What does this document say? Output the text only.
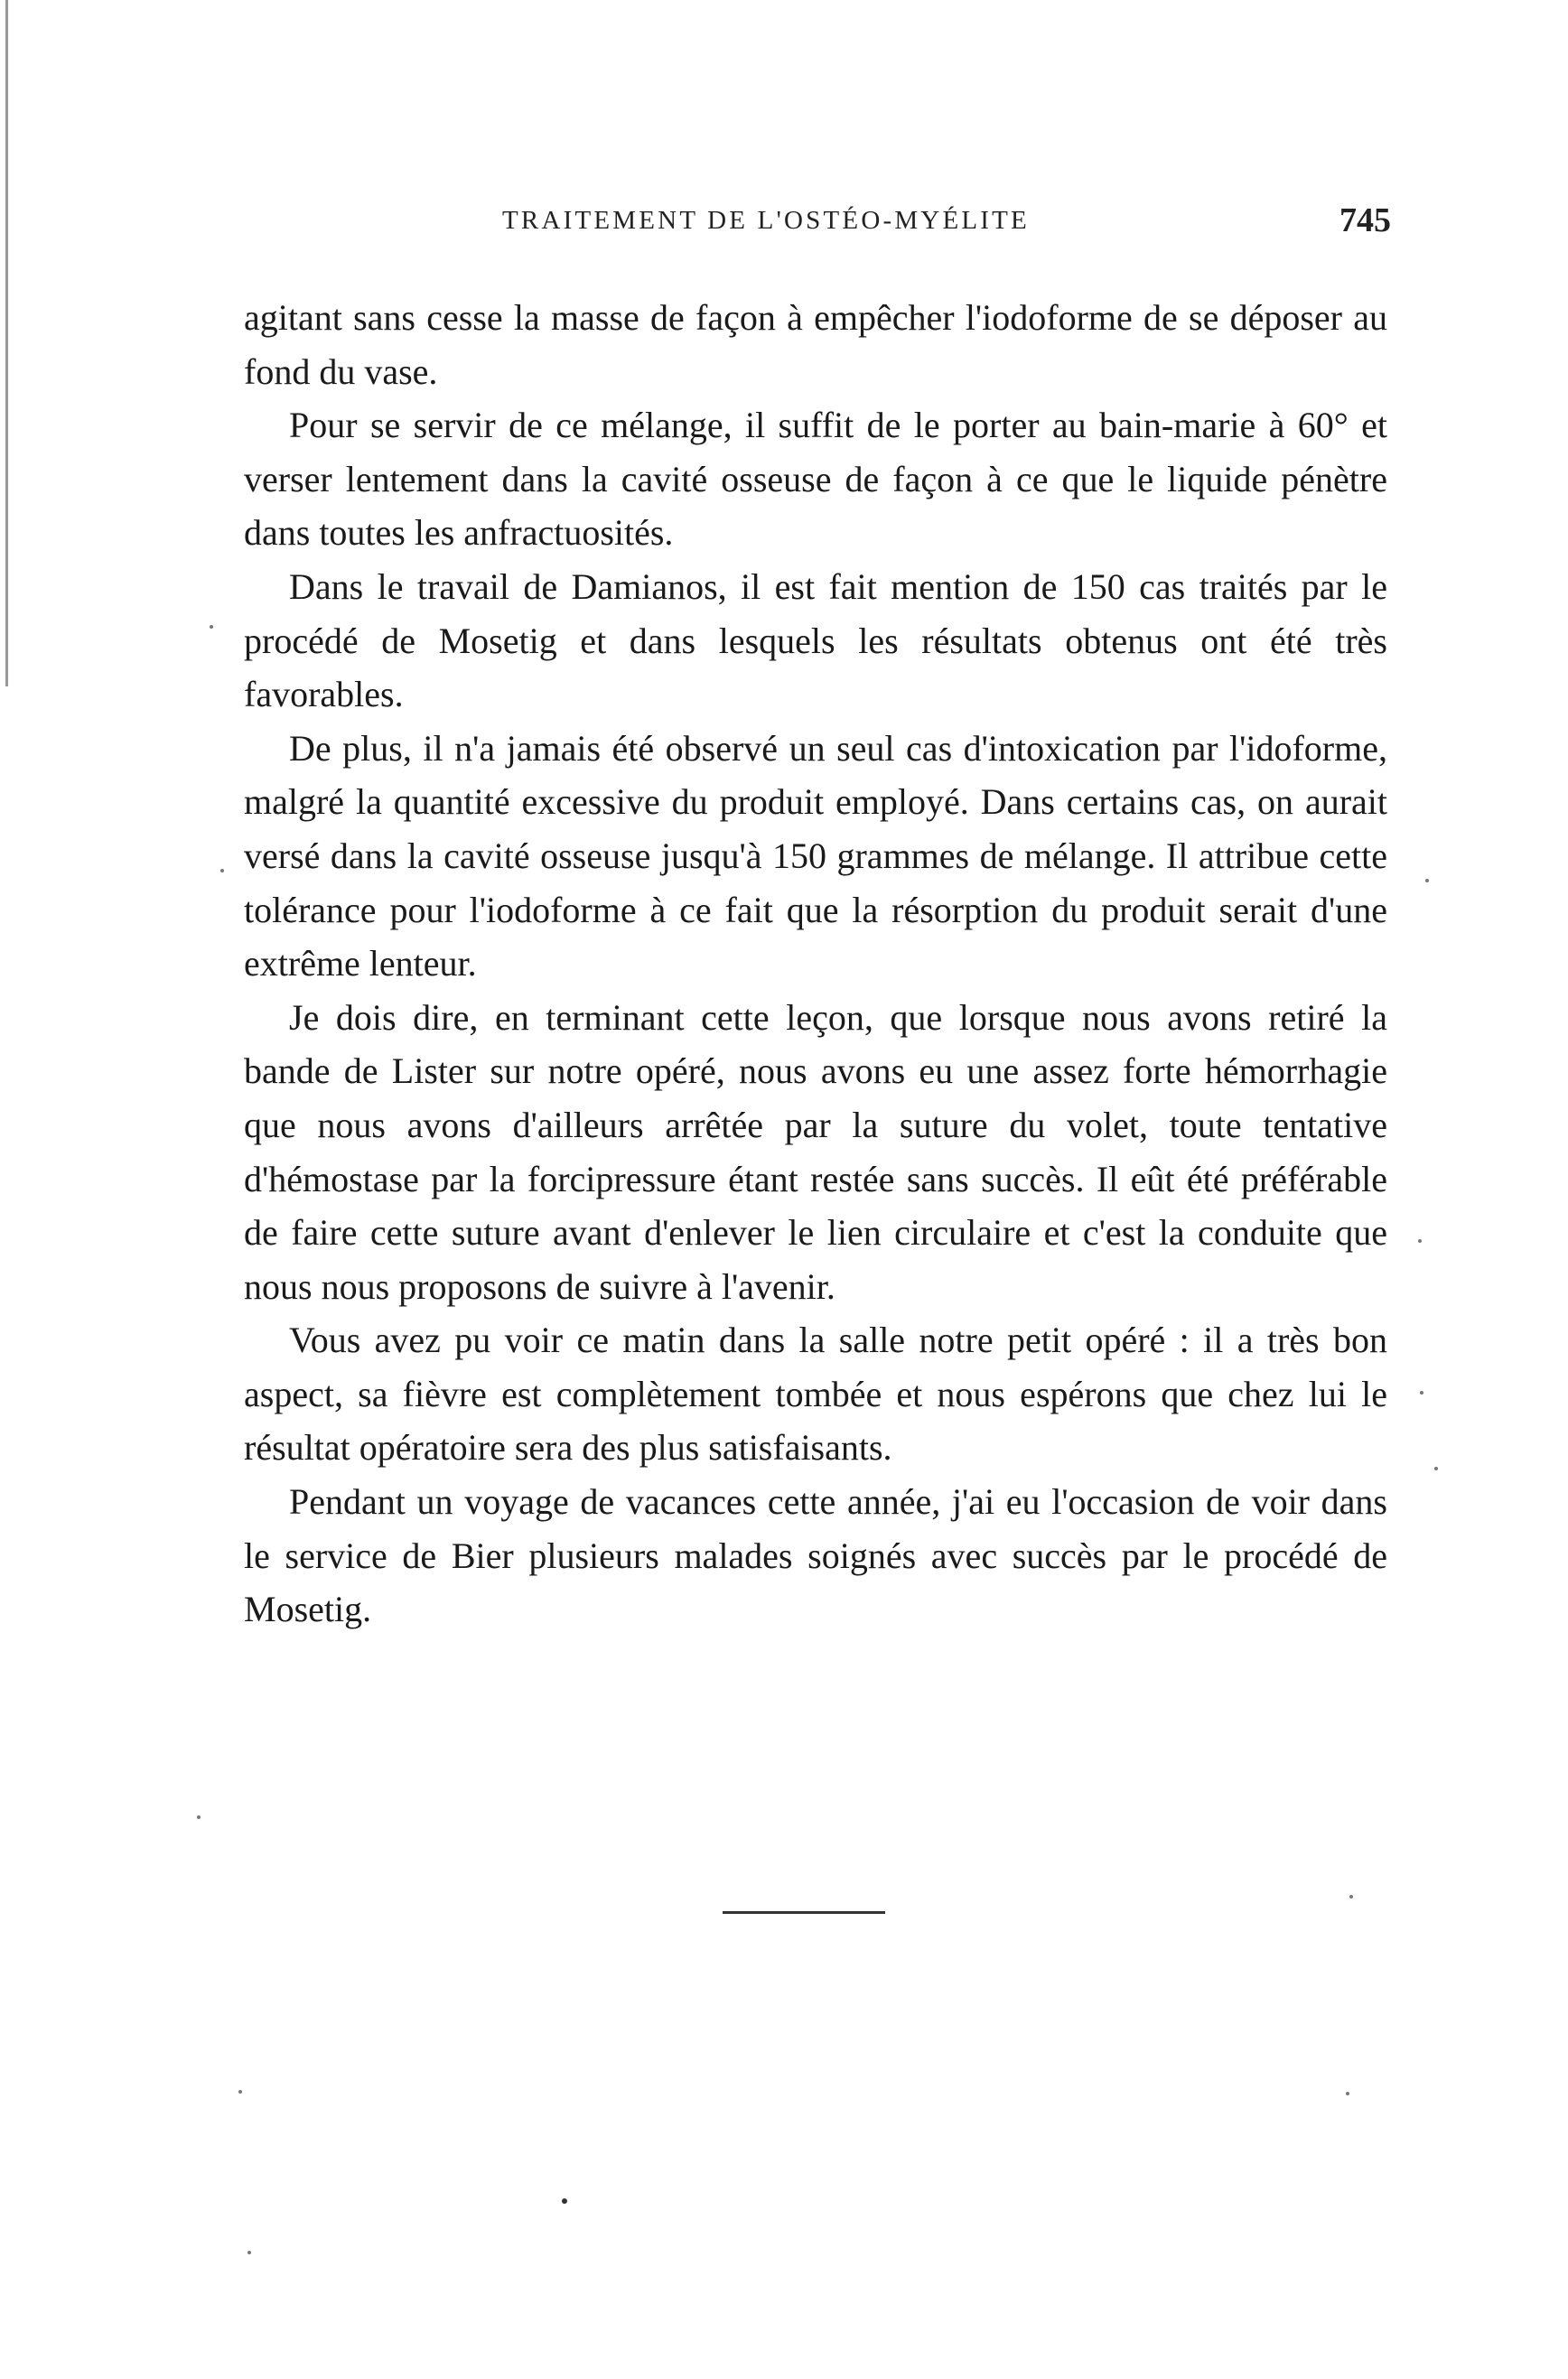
TRAITEMENT DE L'OSTÉO-MYÉLITE	745

agitant sans cesse la masse de façon à empêcher l'iodoforme de se déposer au fond du vase.

Pour se servir de ce mélange, il suffit de le porter au bain-marie à 60° et verser lentement dans la cavité osseuse de façon à ce que le liquide pénètre dans toutes les anfractuosités.

Dans le travail de Damianos, il est fait mention de 150 cas traités par le procédé de Mosetig et dans lesquels les résultats obtenus ont été très favorables.

De plus, il n'a jamais été observé un seul cas d'intoxication par l'idoforme, malgré la quantité excessive du produit employé. Dans certains cas, on aurait versé dans la cavité osseuse jusqu'à 150 grammes de mélange. Il attribue cette tolérance pour l'iodoforme à ce fait que la résorption du produit serait d'une extrême lenteur.

Je dois dire, en terminant cette leçon, que lorsque nous avons retiré la bande de Lister sur notre opéré, nous avons eu une assez forte hémorrhagie que nous avons d'ailleurs arrêtée par la suture du volet, toute tentative d'hémostase par la forcipressure étant restée sans succès. Il eût été préférable de faire cette suture avant d'enlever le lien circulaire et c'est la conduite que nous nous proposons de suivre à l'avenir.

Vous avez pu voir ce matin dans la salle notre petit opéré : il a très bon aspect, sa fièvre est complètement tombée et nous espérons que chez lui le résultat opératoire sera des plus satisfaisants.

Pendant un voyage de vacances cette année, j'ai eu l'occasion de voir dans le service de Bier plusieurs malades soignés avec succès par le procédé de Mosetig.
